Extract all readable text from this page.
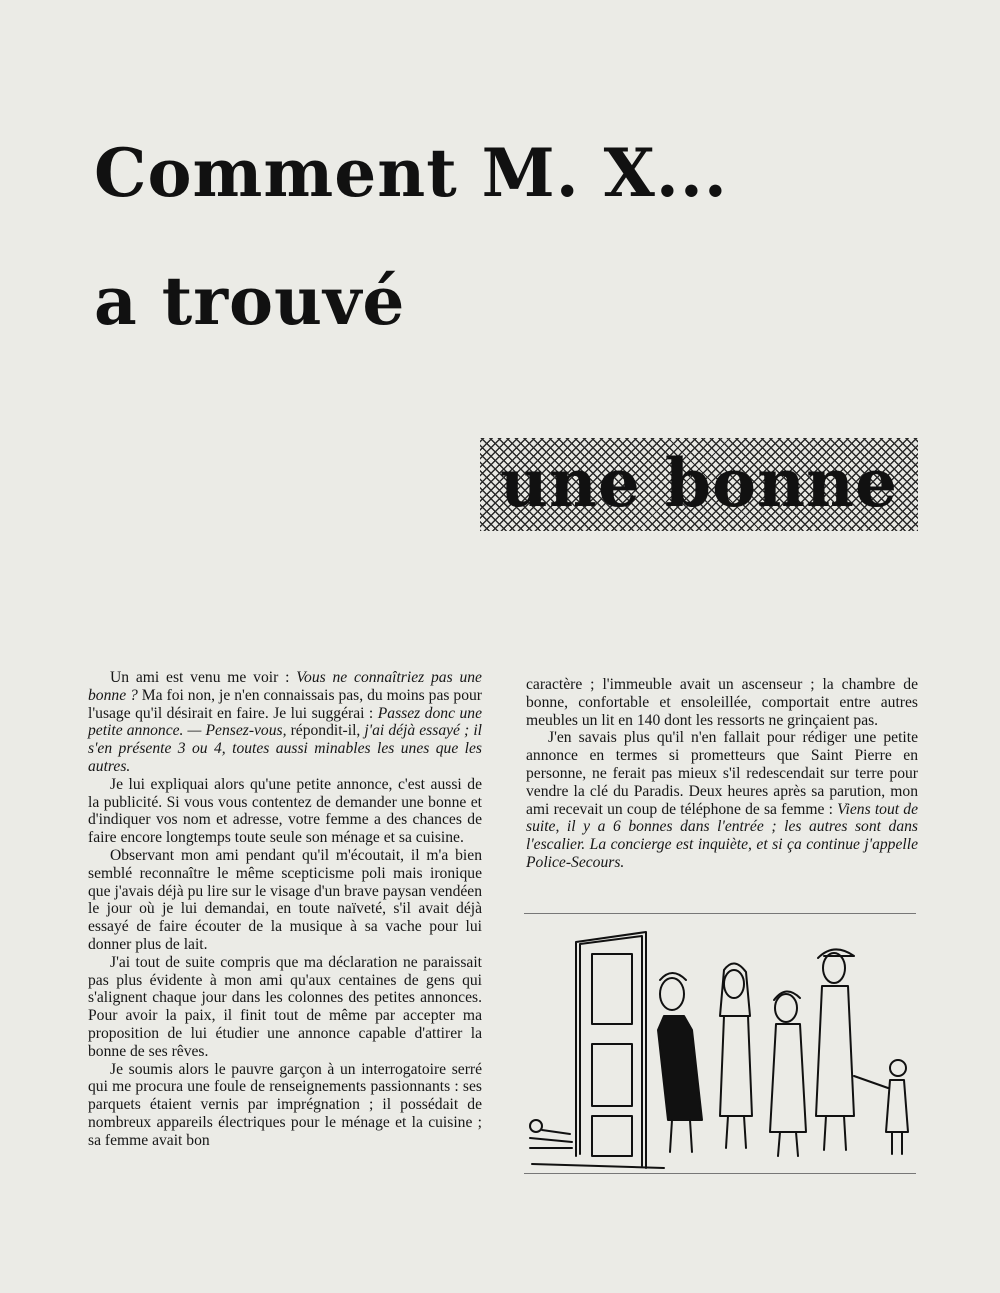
Comment M. X...
a trouvé
une bonne

Un ami est venu me voir : Vous ne connaîtriez pas une bonne ? Ma foi non, je n'en connaissais pas, du moins pas pour l'usage qu'il désirait en faire. Je lui suggérai : Passez donc une petite annonce. — Pensez-vous, répondit-il, j'ai déjà essayé ; il s'en présente 3 ou 4, toutes aussi minables les unes que les autres.

Je lui expliquai alors qu'une petite annonce, c'est aussi de la publicité. Si vous vous contentez de demander une bonne et d'indiquer vos nom et adresse, votre femme a des chances de faire encore longtemps toute seule son ménage et sa cuisine.

Observant mon ami pendant qu'il m'écoutait, il m'a bien semblé reconnaître le même scepticisme poli mais ironique que j'avais déjà pu lire sur le visage d'un brave paysan vendéen le jour où je lui demandai, en toute naïveté, s'il avait déjà essayé de faire écouter de la musique à sa vache pour lui donner plus de lait.

J'ai tout de suite compris que ma déclaration ne paraissait pas plus évidente à mon ami qu'aux centaines de gens qui s'alignent chaque jour dans les colonnes des petites annonces. Pour avoir la paix, il finit tout de même par accepter ma proposition de lui étudier une annonce capable d'attirer la bonne de ses rêves.

Je soumis alors le pauvre garçon à un interrogatoire serré qui me procura une foule de renseignements passionnants : ses parquets étaient vernis par imprégnation ; il possédait de nombreux appareils électriques pour le ménage et la cuisine ; sa femme avait bon

caractère ; l'immeuble avait un ascenseur ; la chambre de bonne, confortable et ensoleillée, comportait entre autres meubles un lit en 140 dont les ressorts ne grinçaient pas.

J'en savais plus qu'il n'en fallait pour rédiger une petite annonce en termes si prometteurs que Saint Pierre en personne, ne ferait pas mieux s'il redescendait sur terre pour vendre la clé du Paradis. Deux heures après sa parution, mon ami recevait un coup de téléphone de sa femme : Viens tout de suite, il y a 6 bonnes dans l'entrée ; les autres sont dans l'escalier. La concierge est inquiète, et si ça continue j'appelle Police-Secours.
